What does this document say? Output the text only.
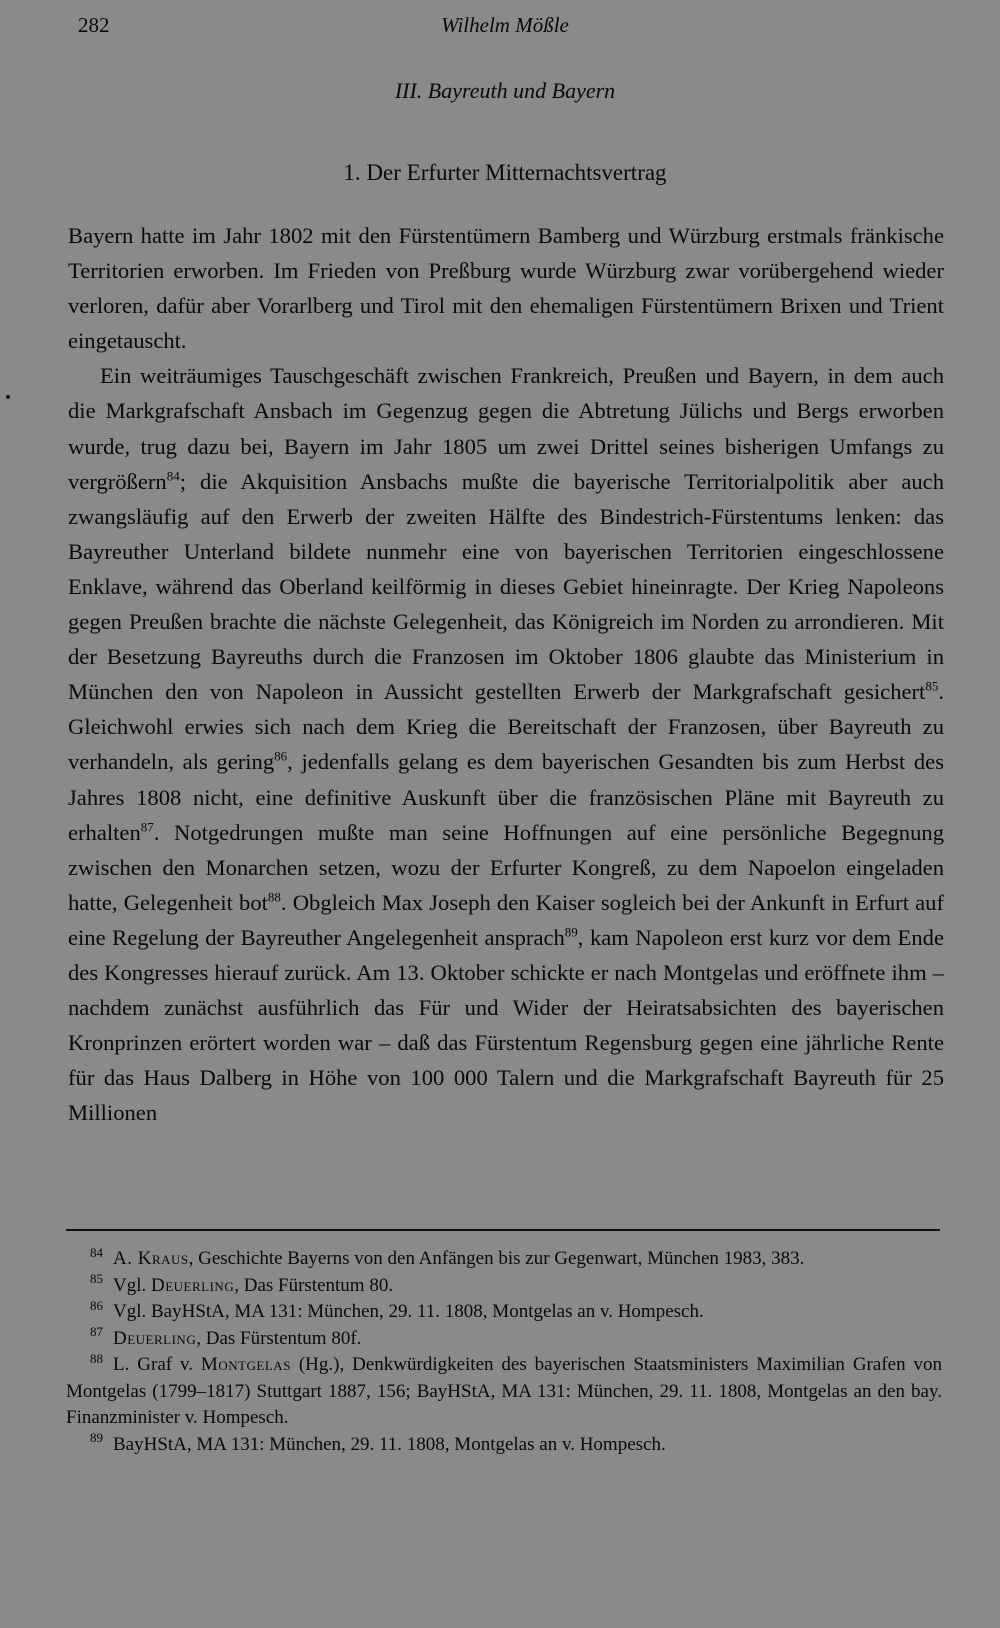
282	Wilhelm Mößle
III. Bayreuth und Bayern
1. Der Erfurter Mitternachtsvertrag

Bayern hatte im Jahr 1802 mit den Fürstentümern Bamberg und Würzburg erstmals fränkische Territorien erworben. Im Frieden von Preßburg wurde Würzburg zwar vorübergehend wieder verloren, dafür aber Vorarlberg und Tirol mit den ehemaligen Fürstentümern Brixen und Trient eingetauscht.

Ein weiträumiges Tauschgeschäft zwischen Frankreich, Preußen und Bayern, in dem auch die Markgrafschaft Ansbach im Gegenzug gegen die Abtretung Jülichs und Bergs erworben wurde, trug dazu bei, Bayern im Jahr 1805 um zwei Drittel seines bisherigen Umfangs zu vergrößern$^{84}$; die Akquisition Ansbachs mußte die bayerische Territorialpolitik aber auch zwangsläufig auf den Erwerb der zweiten Hälfte des Bindestrich-Fürstentums lenken: das Bayreuther Unterland bildete nunmehr eine von bayerischen Territorien eingeschlossene Enklave, während das Oberland keilförmig in dieses Gebiet hineinragte. Der Krieg Napoleons gegen Preußen brachte die nächste Gelegenheit, das Königreich im Norden zu arrondieren. Mit der Besetzung Bayreuths durch die Franzosen im Oktober 1806 glaubte das Ministerium in München den von Napoleon in Aussicht gestellten Erwerb der Markgrafschaft gesichert$^{85}$. Gleichwohl erwies sich nach dem Krieg die Bereitschaft der Franzosen, über Bayreuth zu verhandeln, als gering$^{86}$, jedenfalls gelang es dem bayerischen Gesandten bis zum Herbst des Jahres 1808 nicht, eine definitive Auskunft über die französischen Pläne mit Bayreuth zu erhalten$^{87}$. Notgedrungen mußte man seine Hoffnungen auf eine persönliche Begegnung zwischen den Monarchen setzen, wozu der Erfurter Kongreß, zu dem Napoelon eingeladen hatte, Gelegenheit bot$^{88}$. Obgleich Max Joseph den Kaiser sogleich bei der Ankunft in Erfurt auf eine Regelung der Bayreuther Angelegenheit ansprach$^{89}$, kam Napoleon erst kurz vor dem Ende des Kongresses hierauf zurück. Am 13. Oktober schickte er nach Montgelas und eröffnete ihm – nachdem zunächst ausführlich das Für und Wider der Heiratsabsichten des bayerischen Kronprinzen erörtert worden war – daß das Fürstentum Regensburg gegen eine jährliche Rente für das Haus Dalberg in Höhe von 100 000 Talern und die Markgrafschaft Bayreuth für 25 Millionen

$^{84}$ A. Kraus, Geschichte Bayerns von den Anfängen bis zur Gegenwart, München 1983, 383.

$^{85}$ Vgl. Deuerling, Das Fürstentum 80.

$^{86}$ Vgl. BayHStA, MA 131: München, 29. 11. 1808, Montgelas an v. Hompesch.

$^{87}$ Deuerling, Das Fürstentum 80f.

$^{88}$ L. Graf v. Montgelas (Hg.), Denkwürdigkeiten des bayerischen Staatsministers Maximilian Grafen von Montgelas (1799–1817) Stuttgart 1887, 156; BayHStA, MA 131: München, 29. 11. 1808, Montgelas an den bay. Finanzminister v. Hompesch.

$^{89}$ BayHStA, MA 131: München, 29. 11. 1808, Montgelas an v. Hompesch.
